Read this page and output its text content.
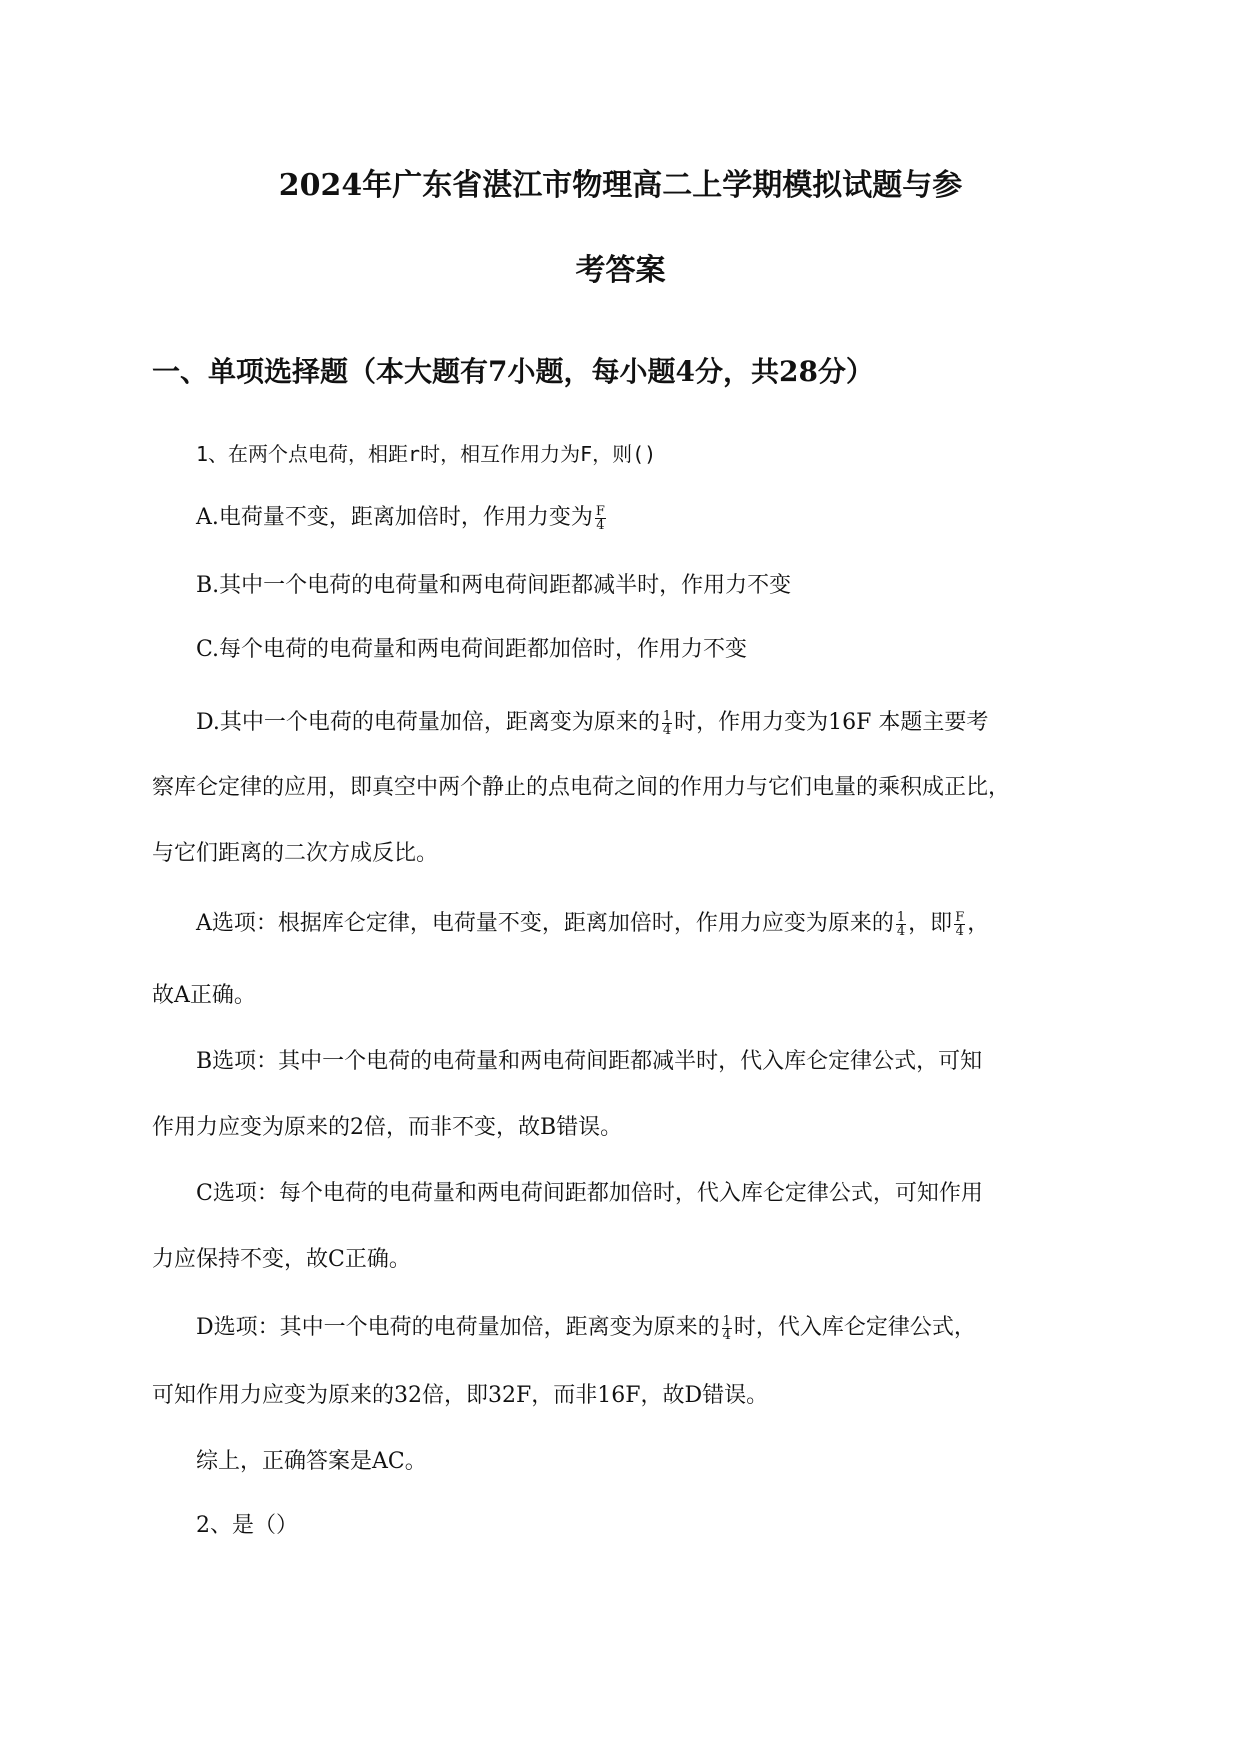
2024年广东省湛江市物理高二上学期模拟试题与参
考答案
一、单项选择题（本大题有7小题，每小题4分，共28分）
1、在两个点电荷，相距r时，相互作用力为F，则()
A.电荷量不变，距离加倍时，作用力变为 $\frac{F}{4}$
B.其中一个电荷的电荷量和两电荷间距都减半时，作用力不变
C.每个电荷的电荷量和两电荷间距都加倍时，作用力不变
D.其中一个电荷的电荷量加倍，距离变为原来的 $\frac{1}{4}$ 时，作用力变为16F 本题主要考
察库仑定律的应用，即真空中两个静止的点电荷之间的作用力与它们电量的乘积成正比，
与它们距离的二次方成反比。
A选项：根据库仑定律，电荷量不变，距离加倍时，作用力应变为原来的 $\frac{1}{4}$ ，即 $\frac{F}{4}$ ，
故A正确。
B选项：其中一个电荷的电荷量和两电荷间距都减半时，代入库仑定律公式，可知
作用力应变为原来的2倍，而非不变，故B错误。
C选项：每个电荷的电荷量和两电荷间距都加倍时，代入库仑定律公式，可知作用
力应保持不变，故C正确。
D选项：其中一个电荷的电荷量加倍，距离变为原来的 $\frac{1}{4}$ 时，代入库仑定律公式，
可知作用力应变为原来的32倍，即32F，而非16F，故D错误。
综上，正确答案是AC。
2、是（）
